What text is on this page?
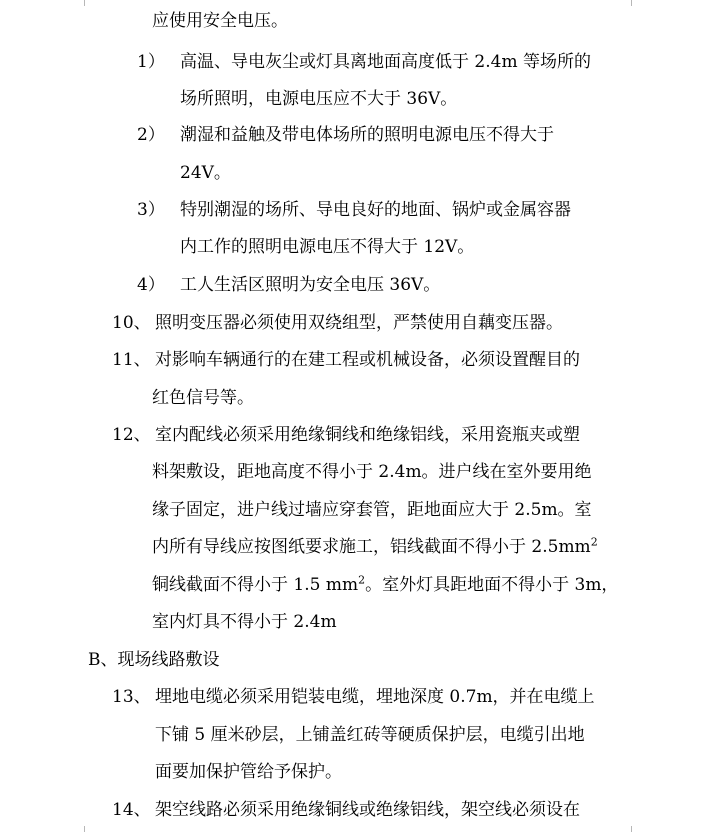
应使用安全电压。
1） 高温、导电灰尘或灯具离地面高度低于 2.4m 等场所的
场所照明，电源电压应不大于 36V。
2） 潮湿和益触及带电体场所的照明电源电压不得大于
24V。
3） 特别潮湿的场所、导电良好的地面、锅炉或金属容器
内工作的照明电源电压不得大于 12V。
4） 工人生活区照明为安全电压 36V。
10、 照明变压器必须使用双绕组型，严禁使用自藕变压器。
11、 对影响车辆通行的在建工程或机械设备，必须设置醒目的
红色信号等。
12、 室内配线必须采用绝缘铜线和绝缘铝线，采用瓷瓶夹或塑
料架敷设，距地高度不得小于 2.4m。进户线在室外要用绝
缘子固定，进户线过墙应穿套管，距地面应大于 2.5m。室
内所有导线应按图纸要求施工，铝线截面不得小于 $2.5mm^2$
铜线截面不得小于 1.5 $mm^2$。室外灯具距地面不得小于 3m，
室内灯具不得小于 2.4m
B、现场线路敷设
13、 埋地电缆必须采用铠装电缆，埋地深度 0.7m，并在电缆上
下铺 5 厘米砂层，上铺盖红砖等硬质保护层，电缆引出地
面要加保护管给予保护。
14、 架空线路必须采用绝缘铜线或绝缘铝线，架空线必须设在
